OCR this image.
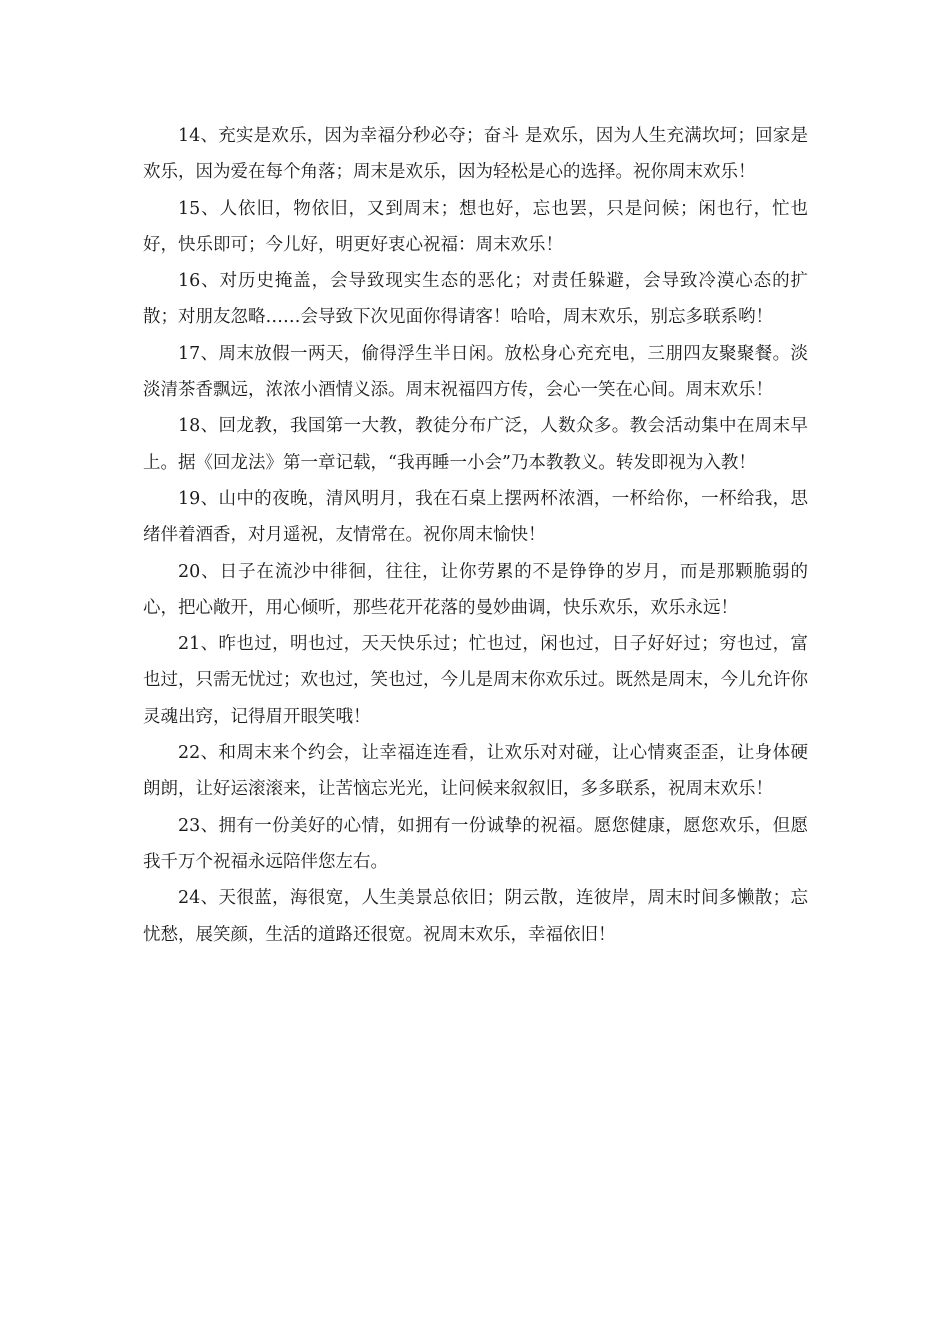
14、充实是欢乐，因为幸福分秒必夺；奋斗 是欢乐，因为人生充满坎坷；回家是欢乐，因为爱在每个角落；周末是欢乐，因为轻松是心的选择。祝你周末欢乐！

15、人依旧，物依旧，又到周末；想也好，忘也罢，只是问候；闲也行，忙也好，快乐即可；今儿好，明更好衷心祝福：周末欢乐！

16、对历史掩盖，会导致现实生态的恶化；对责任躲避，会导致冷漠心态的扩散；对朋友忽略……会导致下次见面你得请客！哈哈，周末欢乐，别忘多联系哟！

17、周末放假一两天，偷得浮生半日闲。放松身心充充电，三朋四友聚聚餐。淡淡清茶香飘远，浓浓小酒情义添。周末祝福四方传，会心一笑在心间。周末欢乐！

18、回龙教，我国第一大教，教徒分布广泛，人数众多。教会活动集中在周末早上。据《回龙法》第一章记载，“我再睡一小会”乃本教教义。转发即视为入教！

19、山中的夜晚，清风明月，我在石桌上摆两杯浓酒，一杯给你，一杯给我，思绪伴着酒香，对月遥祝，友情常在。祝你周末愉快！

20、日子在流沙中徘徊，往往，让你劳累的不是铮铮的岁月，而是那颗脆弱的心，把心敞开，用心倾听，那些花开花落的曼妙曲调，快乐欢乐，欢乐永远！

21、昨也过，明也过，天天快乐过；忙也过，闲也过，日子好好过；穷也过，富也过，只需无忧过；欢也过，笑也过，今儿是周末你欢乐过。既然是周末，今儿允许你灵魂出窍，记得眉开眼笑哦！

22、和周末来个约会，让幸福连连看，让欢乐对对碰，让心情爽歪歪，让身体硬朗朗，让好运滚滚来，让苦恼忘光光，让问候来叙叙旧，多多联系，祝周末欢乐！

23、拥有一份美好的心情，如拥有一份诚挚的祝福。愿您健康，愿您欢乐，但愿我千万个祝福永远陪伴您左右。

24、天很蓝，海很宽，人生美景总依旧；阴云散，连彼岸，周末时间多懒散；忘忧愁，展笑颜，生活的道路还很宽。祝周末欢乐，幸福依旧！
